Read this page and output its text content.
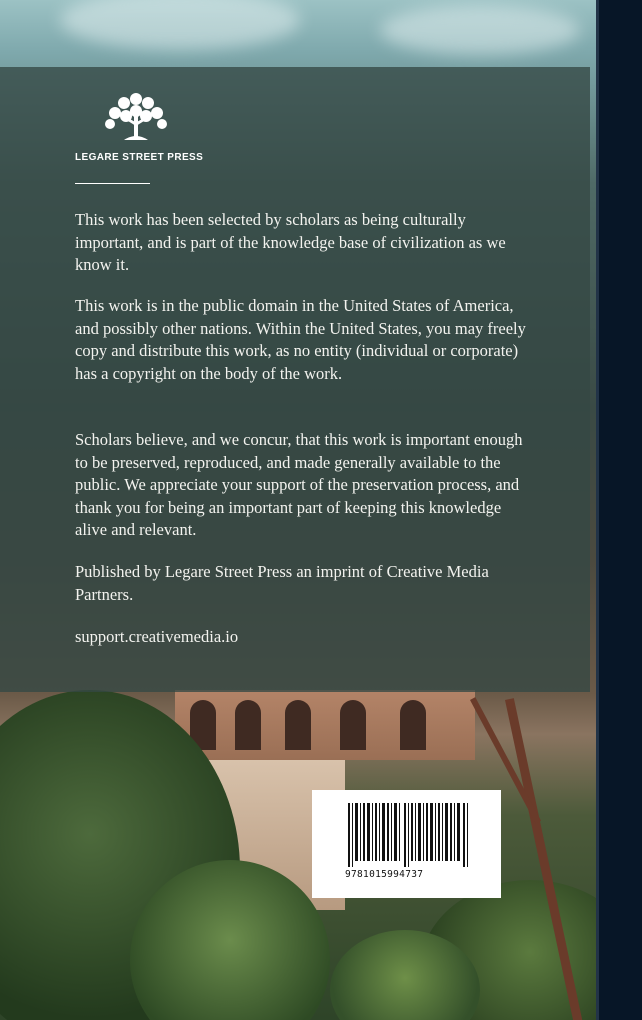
LEGARE STREET PRESS

This work has been selected by scholars as being culturally important, and is part of the knowledge base of civilization as we know it.

This work is in the public domain in the United States of America, and possibly other nations. Within the United States, you may freely copy and distribute this work, as no entity (individual or corporate) has a copyright on the body of the work.

Scholars believe, and we concur, that this work is important enough to be preserved, reproduced, and made generally available to the public. We appreciate your support of the preservation process, and thank you for being an important part of keeping this knowledge alive and relevant.

Published by Legare Street Press an imprint of Creative Media Partners.

support.creativemedia.io

9781015994737
